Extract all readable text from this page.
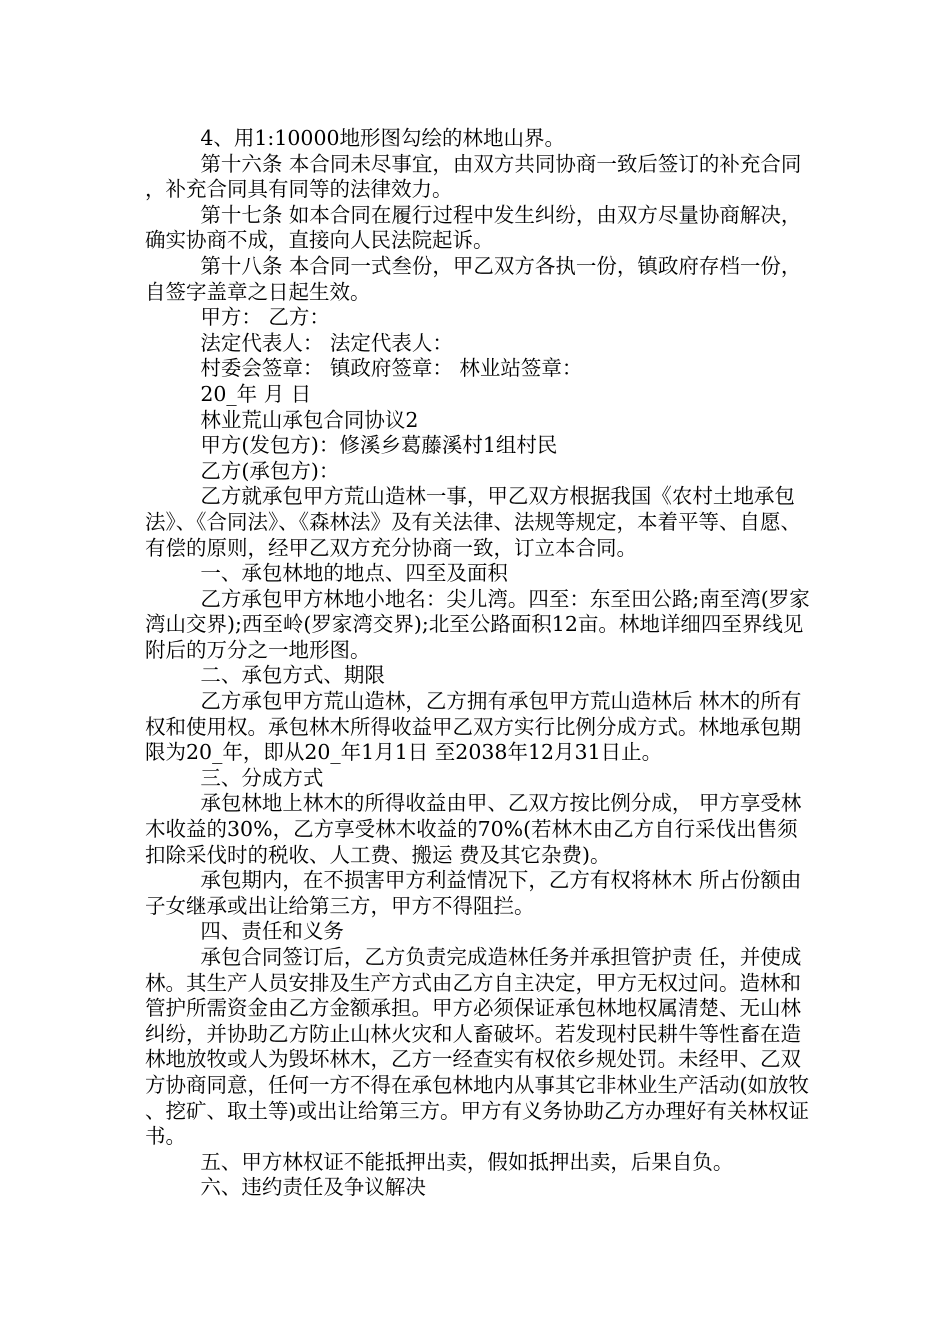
4、用1:10000地形图勾绘的林地山界。

第十六条 本合同未尽事宜，由双方共同协商一致后签订的补充合同，补充合同具有同等的法律效力。

第十七条 如本合同在履行过程中发生纠纷，由双方尽量协商解决，确实协商不成，直接向人民法院起诉。

第十八条 本合同一式叁份，甲乙双方各执一份，镇政府存档一份，自签字盖章之日起生效。

甲方： 乙方：

法定代表人： 法定代表人：

村委会签章： 镇政府签章： 林业站签章：

20_年 月 日

林业荒山承包合同协议2

甲方(发包方)：修溪乡葛藤溪村1组村民

乙方(承包方)：

乙方就承包甲方荒山造林一事，甲乙双方根据我国《农村土地承包法》、《合同法》、《森林法》及有关法律、法规等规定，本着平等、自愿、有偿的原则，经甲乙双方充分协商一致，订立本合同。

一、承包林地的地点、四至及面积

乙方承包甲方林地小地名：尖儿湾。四至：东至田公路;南至湾(罗家湾山交界);西至岭(罗家湾交界);北至公路面积12亩。林地详细四至界线见附后的万分之一地形图。

二、承包方式、期限

乙方承包甲方荒山造林，乙方拥有承包甲方荒山造林后 林木的所有权和使用权。承包林木所得收益甲乙双方实行比例分成方式。林地承包期限为20_年，即从20_年1月1日 至2038年12月31日止。

三、分成方式

承包林地上林木的所得收益由甲、乙双方按比例分成， 甲方享受林木收益的30%，乙方享受林木收益的70%(若林木由乙方自行采伐出售须扣除采伐时的税收、人工费、搬运 费及其它杂费)。

承包期内，在不损害甲方利益情况下，乙方有权将林木 所占份额由子女继承或出让给第三方，甲方不得阻拦。

四、责任和义务

承包合同签订后，乙方负责完成造林任务并承担管护责 任，并使成林。其生产人员安排及生产方式由乙方自主决定，甲方无权过问。造林和管护所需资金由乙方金额承担。甲方必须保证承包林地权属清楚、无山林纠纷，并协助乙方防止山林火灾和人畜破坏。若发现村民耕牛等性畜在造林地放牧或人为毁坏林木，乙方一经查实有权依乡规处罚。未经甲、乙双方协商同意，任何一方不得在承包林地内从事其它非林业生产活动(如放牧、挖矿、取土等)或出让给第三方。甲方有义务协助乙方办理好有关林权证书。

五、甲方林权证不能抵押出卖，假如抵押出卖，后果自负。

六、违约责任及争议解决
